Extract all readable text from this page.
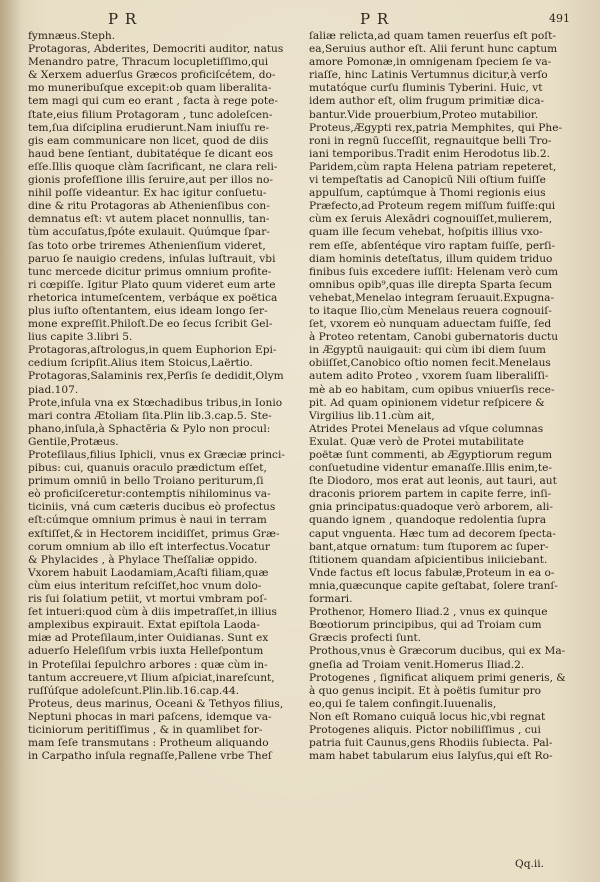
P R	P R	491
fymnæus.Steph.
Protagoras, Abderites, Democriti auditor, natus
Menandro patre, Thracum locupletiſſimo,qui
& Xerxem aduerſus Græcos proficiſcétem, do-
mo muneribuſque excepit:ob quam liberalita-
tem magi qui cum eo erant , facta à rege pote-
ſtate,eius filium Protagoram , tunc adoleſcen-
tem,ſua diſciplina erudierunt.Nam iniuſſu re-
gis eam communicare non licet, quod de diis
haud bene ſentiant, dubitatéque ſe dicant eos
eſſe.Illis quoque clàm ſacrificant, ne clara reli-
gionis profeſſione illis ſeruire,aut per illos no-
nihil poſſe videantur. Ex hac igitur conſuetu-
dine & ritu Protagoras ab Athenienſibus con-
demnatus eſt: vt autem placet nonnullis, tan-
tùm accuſatus,ſpóte exulauit. Quúmque ſpar-
ſas toto orbe triremes Athenienſium videret,
paruo ſe nauigio credens, inſulas luſtrauit, vbi
tunc mercede dicitur primus omnium profite-
ri cœpiſſe. Igitur Plato quum videret eum arte
rhetorica intumeſcentem, verbáque ex poëtica
plus iuſto oſtentantem, eius ideam longo ſer-
mone expreſſit.Philoſt.De eo ſecus ſcribit Gel-
lius capite 3.libri 5.
Protagoras,aſtrologus,in quem Euphorion Epi-
cedium ſcripſit.Alius item Stoicus,Laërtio.
Protagoras,Salaminis rex,Perſis ſe dedidit,Olym
piad.107.
Prote,inſula vna ex Stœchadibus tribus,in Ionio
mari contra Ætoliam ſita.Plin lib.3.cap.5. Ste-
phano,inſula,à Sphactēria & Pylo non procul:
Gentile,Protæus.
Proteſilaus,filius Iphicli, vnus ex Græciæ princi-
pibus: cui, quanuis oraculo prædictum eſſet,
primum omniū in bello Troiano periturum,ſi
eò proficiſceretur:contemptis nihilominus va-
ticiniis, vná cum cæteris ducibus eò profectus
eſt:cúmque omnium primus è naui in terram
exſtiſſet,& in Hectorem incidiſſet, primus Græ-
corum omnium ab illo eſt interfectus.Vocatur
& Phylacides , à Phylace Theſſaliæ oppido.
Vxorem habuit Laodamiam,Acaſti filiam,quæ
cùm eius interitum reſciſſet,hoc vnum dolo-
ris ſui ſolatium petiit, vt mortui vmbram poſ-
ſet intueri:quod cùm à diis impetraſſet,in illius
amplexibus expirauit. Extat epiſtola Laoda-
miæ ad Proteſilaum,inter Ouidianas. Sunt ex
aduerſo Heleſiſum vrbis iuxta Helleſpontum
in Proteſilai ſepulchro arbores : quæ cùm in-
tantum accreuere,vt Ilium aſpiciat,inareſcunt,
ruſſúſque adoleſcunt.Plin.lib.16.cap.44.
Proteus, deus marinus, Oceani & Tethyos filius,
Neptuni phocas in mari paſcens, idemque va-
ticiniorum peritiſſimus , & in quamlibet for-
mam ſeſe transmutans : Protheum aliquando
in Carpatho inſula regnaſſe,Pallene vrbe Theſ
ſaliæ relicta,ad quam tamen reuerſus eſt poſt-
ea,Seruius author eſt. Alii ferunt hunc captum
amore Pomonæ,in omnigenam ſpeciem ſe va-
riaſſe, hinc Latinis Vertumnus dicitur,à verſo
mutatóque curſu fluminis Tyberini. Huic, vt
idem author eſt, olim frugum primitiæ dica-
bantur.Vide prouerbium,Proteo mutabilior.
Proteus,Ægypti rex,patria Memphites, qui Phe-
roni in regnū ſucceſſit, regnauitque belli Tro-
iani temporibus.Tradit enim Herodotus lib.2.
Paridem,cùm rapta Helena patriam repeteret,
vi tempeſtatis ad Canopicū Nili oſtium fuiſſe
appulſum, captúmque à Thomi regionis eius
Præfecto,ad Proteum regem miſſum fuiſſe:qui
cùm ex ſeruis Alexādri cognouiſſet,mulierem,
quam ille ſecum vehebat, hoſpitis illius vxo-
rem eſſe, abſentéque viro raptam fuiſſe, perſi-
diam hominis deteſtatus, illum quidem triduo
finibus ſuis excedere iuſſit: Helenam verò cum
omnibus opib⁹,quas ille direpta Sparta ſecum
vehebat,Menelao integram ſeruauit.Expugna-
to itaque Ilio,cùm Menelaus reuera cognouiſ-
ſet, vxorem eò nunquam aduectam fuiſſe, ſed
à Proteo retentam, Canobi gubernatoris ductu
in Ægyptū nauigauit: qui cùm ibi diem ſuum
obiiſſet,Canobico oſtio nomen fecit.Menelaus
autem adito Proteo , vxorem ſuam liberaliſſi-
mè ab eo habitam, cum opibus vniuerſis rece-
pit. Ad quam opinionem videtur reſpicere &
Virgilius lib.11.cùm ait,
Atrides Protei Menelaus ad vſque columnas
Exulat. Quæ verò de Protei mutabilitate
poëtæ ſunt commenti, ab Ægyptiorum regum
conſuetudine videntur emanaſſe.Illis enim,te-
ſte Diodoro, mos erat aut leonis, aut tauri, aut
draconis priorem partem in capite ferre, inſi-
gnia principatus:quadoque verò arborem, ali-
quando ignem , quandoque redolentia ſupra
caput vnguenta. Hæc tum ad decorem ſpecta-
bant,atque ornatum: tum ſtuporem ac ſuper-
ſtitionem quandam aſpicientibus iniiciebant.
Vnde factus eſt locus fabulæ,Proteum in ea o-
mnia,quæcunque capite geſtabat, ſolere tranſ-
formari.
Prothenor, Homero Iliad.2 , vnus ex quinque
Bœotiorum principibus, qui ad Troiam cum
Græcis profecti ſunt.
Prothous,vnus è Græcorum ducibus, qui ex Ma-
gneſia ad Troiam venit.Homerus Iliad.2.
Protogenes , ſignificat aliquem primi generis, &
à quo genus incipit. Et à poëtis ſumitur pro
eo,qui ſe talem confingit.Iuuenalis,
Non eſt Romano cuiquā locus hic,vbi regnat
Protogenes aliquis. Pictor nobiliſſimus , cui
patria fuit Caunus,gens Rhodiis ſubiecta. Pal-
mam habet tabularum eius Ialyſus,qui eſt Ro-
Qq.ii.
